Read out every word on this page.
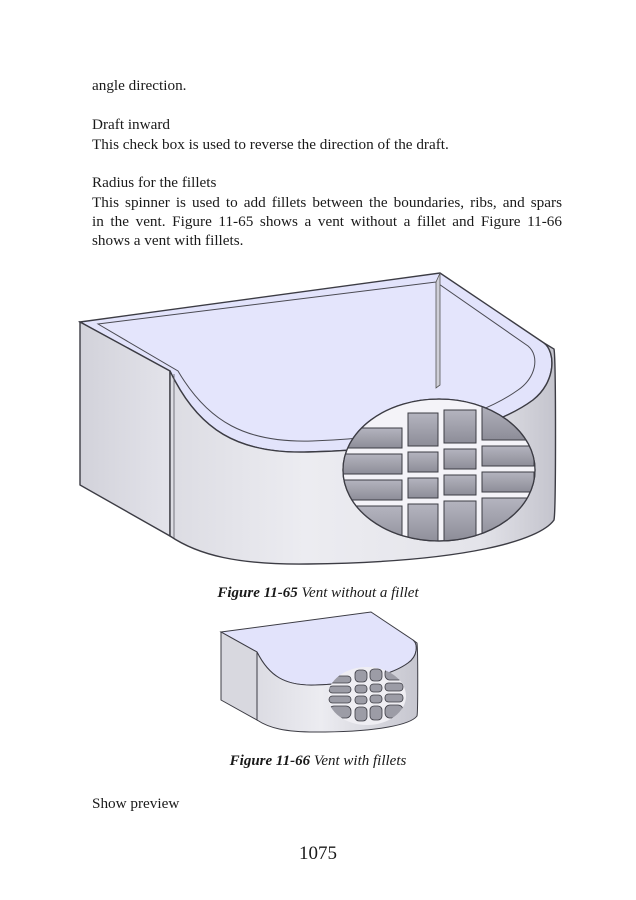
angle direction.

Draft inward

This check box is used to reverse the direction of the draft.

Radius for the fillets

This spinner is used to add fillets between the boundaries, ribs, and spars

in the vent. Figure 11-65 shows a vent without a fillet and Figure 11-66

shows a vent with fillets.

Figure 11-65 Vent without a fillet

Figure 11-66 Vent with fillets

Show preview

1075
